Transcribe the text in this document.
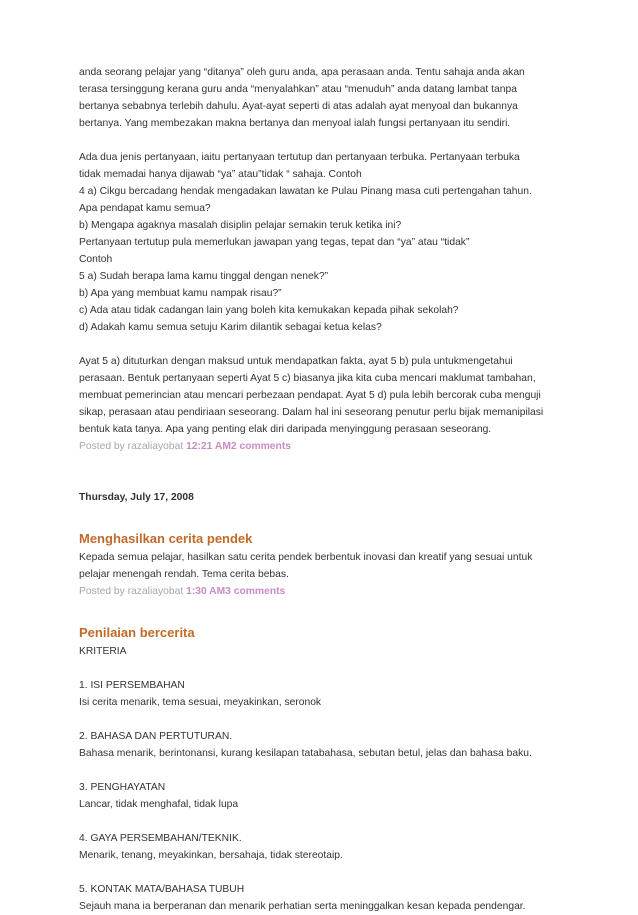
anda seorang pelajar yang “ditanya” oleh guru anda, apa perasaan anda. Tentu sahaja anda akan
terasa tersinggung kerana guru anda “menyalahkan” atau “menuduh” anda datang lambat tanpa
bertanya sebabnya terlebih dahulu. Ayat-ayat seperti di atas adalah ayat menyoal dan bukannya
bertanya. Yang membezakan makna bertanya dan menyoal ialah fungsi pertanyaan itu sendiri.
Ada dua jenis pertanyaan, iaitu pertanyaan tertutup dan pertanyaan terbuka. Pertanyaan terbuka
tidak memadai hanya dijawab “ya” atau”tidak “ sahaja. Contoh
4 a) Cikgu bercadang hendak mengadakan lawatan ke Pulau Pinang masa cuti pertengahan tahun.
Apa pendapat kamu semua?
b) Mengapa agaknya masalah disiplin pelajar semakin teruk ketika ini?
Pertanyaan tertutup pula memerlukan jawapan yang tegas, tepat dan “ya” atau “tidak”
Contoh
5 a) Sudah berapa lama kamu tinggal dengan nenek?”
b) Apa yang membuat kamu nampak risau?”
c) Ada atau tidak cadangan lain yang boleh kita kemukakan kepada pihak sekolah?
d) Adakah kamu semua setuju Karim dilantik sebagai ketua kelas?
Ayat 5 a) dituturkan dengan maksud untuk mendapatkan fakta, ayat 5 b) pula untukmengetahui
perasaan. Bentuk pertanyaan seperti Ayat 5 c) biasanya jika kita cuba mencari maklumat tambahan,
membuat pemerincian atau mencari perbezaan pendapat. Ayat 5 d) pula lebih bercorak cuba menguji
sikap, perasaan atau pendiriaan seseorang. Dalam hal ini seseorang penutur perlu bijak memanipilasi
bentuk kata tanya. Apa yang penting elak diri daripada menyinggung perasaan seseorang.
Posted by razaliayobat 12:21 AM2 comments
Thursday, July 17, 2008
Menghasilkan cerita pendek
Kepada semua pelajar, hasilkan satu cerita pendek berbentuk inovasi dan kreatif yang sesuai untuk
pelajar menengah rendah. Tema cerita bebas.
Posted by razaliayobat 1:30 AM3 comments
Penilaian bercerita
KRITERIA
1. ISI PERSEMBAHAN
Isi cerita menarik, tema sesuai, meyakinkan, seronok
2. BAHASA DAN PERTUTURAN.
Bahasa menarik, berintonansi, kurang kesilapan tatabahasa, sebutan betul, jelas dan bahasa baku.
3. PENGHAYATAN
Lancar, tidak menghafal, tidak lupa
4. GAYA PERSEMBAHAN/TEKNIK.
Menarik, tenang, meyakinkan, bersahaja, tidak stereotaip.
5. KONTAK MATA/BAHASA TUBUH
Sejauh mana ia berperanan dan menarik perhatian serta meninggalkan kesan kepada pendengar.
